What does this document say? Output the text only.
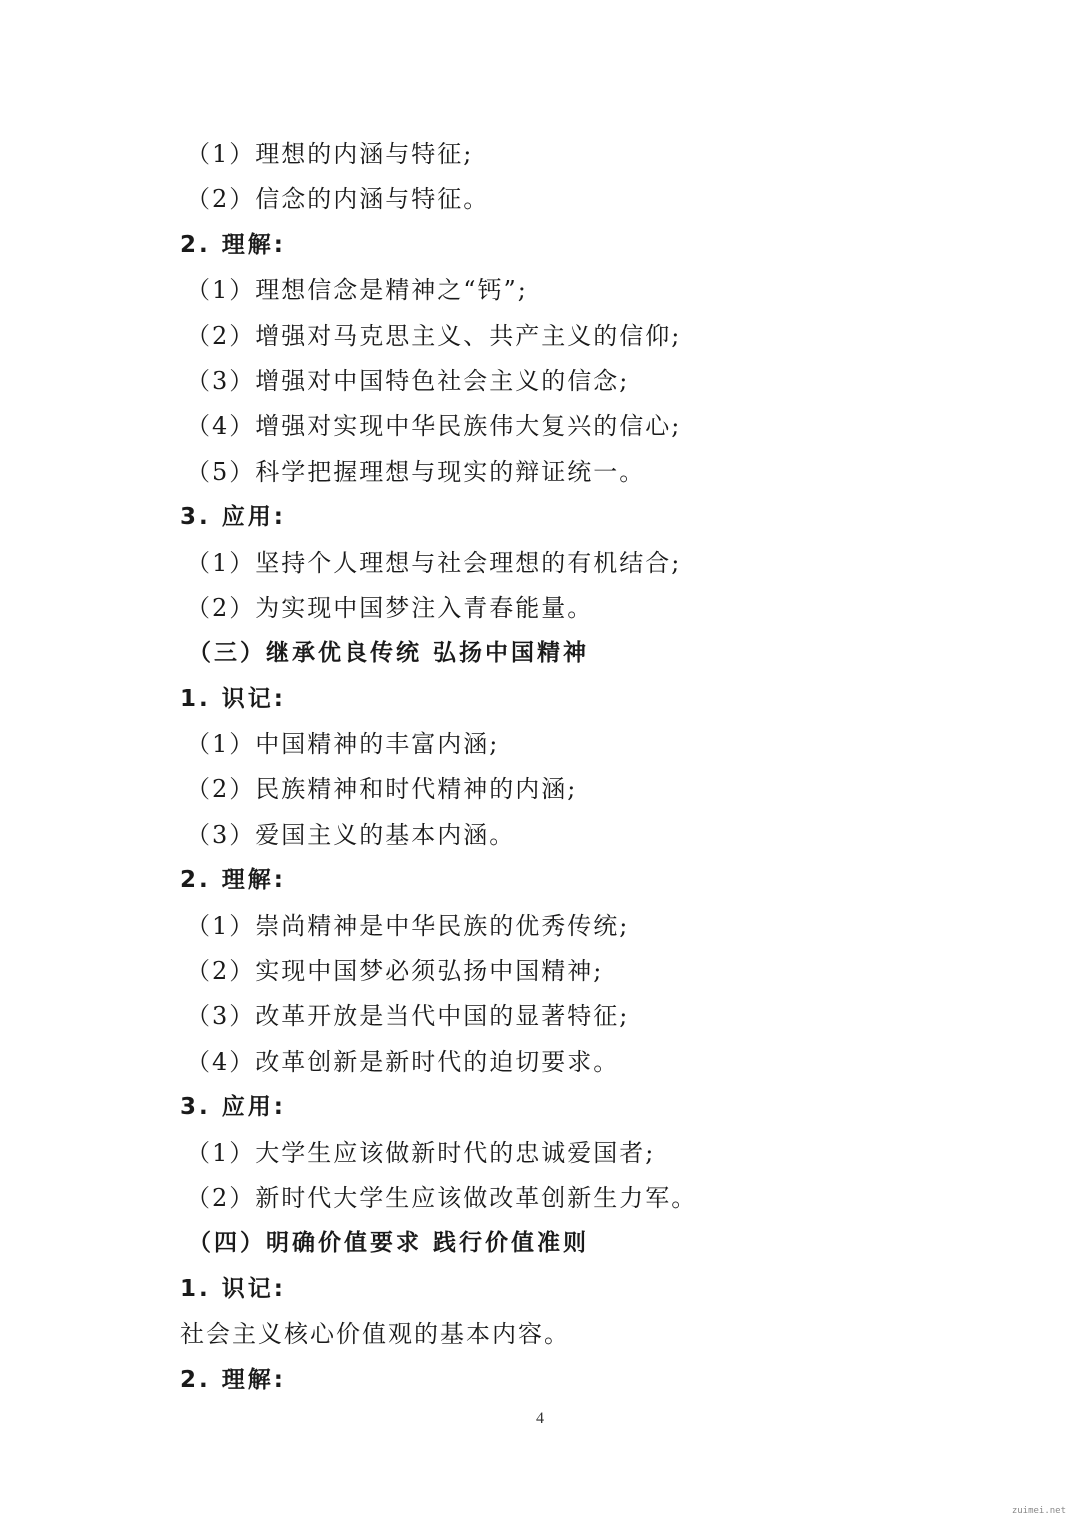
（1）理想的内涵与特征;
（2）信念的内涵与特征。
2. 理解:
（1）理想信念是精神之“钙”;
（2）增强对马克思主义、共产主义的信仰;
（3）增强对中国特色社会主义的信念;
（4）增强对实现中华民族伟大复兴的信心;
（5）科学把握理想与现实的辩证统一。
3. 应用:
（1）坚持个人理想与社会理想的有机结合;
（2）为实现中国梦注入青春能量。
（三）继承优良传统 弘扬中国精神
1. 识记:
（1）中国精神的丰富内涵;
（2）民族精神和时代精神的内涵;
（3）爱国主义的基本内涵。
2. 理解:
（1）崇尚精神是中华民族的优秀传统;
（2）实现中国梦必须弘扬中国精神;
（3）改革开放是当代中国的显著特征;
（4）改革创新是新时代的迫切要求。
3. 应用:
（1）大学生应该做新时代的忠诚爱国者;
（2）新时代大学生应该做改革创新生力军。
（四）明确价值要求 践行价值准则
1. 识记:
社会主义核心价值观的基本内容。
2. 理解:
4
zuimei.net
